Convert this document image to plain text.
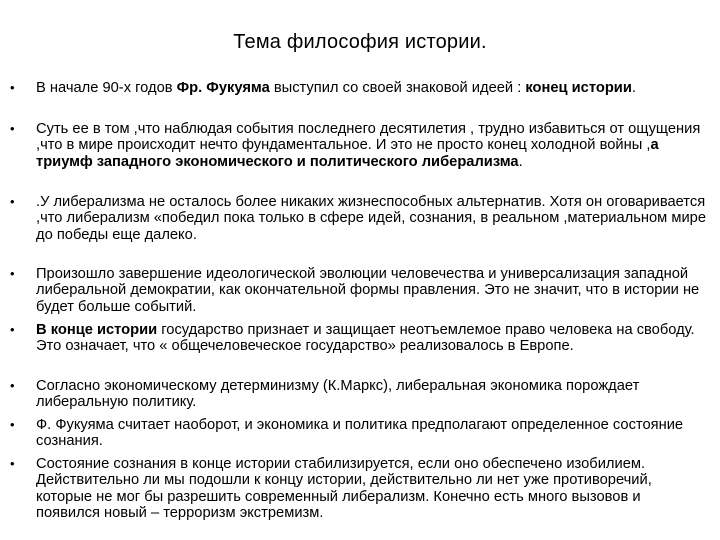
Тема философия истории.
•	В начале 90-х годов Фр. Фукуяма выступил со своей знаковой идеей : конец истории.
•	Суть ее в том ,что наблюдая события последнего десятилетия , трудно избавиться от ощущения ,что в мире происходит нечто фундаментальное. И это не просто конец холодной войны ,а триумф западного экономического и политического либерализма.
•	.У либерализма не осталось более никаких жизнеспособных альтернатив. Хотя он оговаривается ,что либерализм «победил пока только в сфере идей, сознания, в реальном ,материальном мире до победы еще далеко.
•	Произошло завершение идеологической эволюции человечества и универсализация западной либеральной демократии, как окончательной формы правления. Это не значит, что в истории не будет больше событий.
•	В конце истории государство признает и защищает неотъемлемое право человека на свободу. Это означает, что « общечеловеческое государство» реализовалось в Европе.
•	Согласно экономическому детерминизму (К.Маркс), либеральная экономика порождает либеральную политику.
•	Ф. Фукуяма считает наоборот, и экономика и политика предполагают определенное состояние сознания.
•	Состояние сознания в конце истории стабилизируется, если оно обеспечено изобилием. Действительно ли мы подошли к концу истории, действительно ли нет уже противоречий, которые не мог бы разрешить современный либерализм. Конечно есть много вызовов и появился новый – терроризм экстремизм.
